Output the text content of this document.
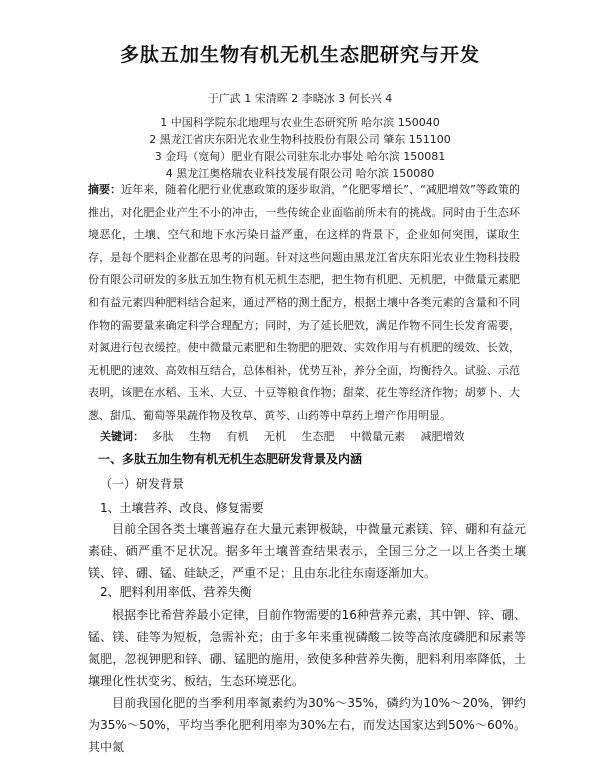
多肽五加生物有机无机生态肥研究与开发
于广武 1 宋清晖 2 李晓冰 3 何长兴 4
1 中国科学院东北地理与农业生态研究所 哈尔滨 150040
2 黑龙江省庆东阳光农业生物科技股份有限公司 肇东 151100
3 金玛（宽甸）肥业有限公司驻东北办事处 哈尔滨 150081
4 黑龙江奥格瑞农业科技发展有限公司 哈尔滨 150080
摘要：近年来，随着化肥行业优惠政策的逐步取消，“化肥零增长”、“减肥增效”等政策的推出，对化肥企业产生不小的冲击，一些传统企业面临前所未有的挑战。同时由于生态环境恶化，土壤、空气和地下水污染日益严重，在这样的背景下，企业如何突围，谋取生存，是每个肥料企业都在思考的问题。针对这些问题由黑龙江省庆东阳光农业生物科技股份有限公司研发的多肽五加生物有机无机生态肥，把生物有机肥、无机肥，中微量元素肥和有益元素四种肥料结合起来，通过严格的测土配方，根据土壤中各类元素的含量和不同作物的需要量来确定科学合理配方；同时，为了延长肥效，满足作物不同生长发育需要，对氮进行包衣缓控。使中微量元素肥和生物肥的肥效、实效作用与有机肥的缓效、长效，无机肥的速效、高效相互结合，总体相补，优势互补，养分全面，均衡持久。试验、示范表明，该肥在水稻、玉米、大豆、十豆等粮食作物；甜菜、花生等经济作物；胡萝卜、大葱、甜瓜、葡萄等果蔬作物及牧草、黄芩、山药等中草药上增产作用明显。
关键词： 多肽 生物 有机 无机 生态肥 中微量元素 减肥增效
一、多肽五加生物有机无机生态肥研发背景及内涵
（一）研发背景
1、土壤营养、改良、修复需要
目前全国各类土壤普遍存在大量元素钾极缺，中微量元素镁、锌、硼和有益元素硅、硒严重不足状况。据多年土壤普查结果表示，全国三分之一以上各类土壤镁、锌、硼、锰、硅缺乏，严重不足；且由东北往东南逐渐加大。
2、肥料利用率低、营养失衡
根据李比希营养最小定律，目前作物需要的16种营养元素，其中钾、锌、硼、锰、镁、硅等为短板，急需补充；由于多年来重视磷酸二铵等高浓度磷肥和尿素等氮肥，忽视钾肥和锌、硼、锰肥的施用，致使多种营养失衡，肥料利用率降低，土壤理化性状变劣、板结，生态环境恶化。
目前我国化肥的当季利用率氮素约为30%～35%，磷约为10%～20%，钾约为35%～50%，平均当季化肥利用率为30%左右，而发达国家达到50%～60%。其中氮
